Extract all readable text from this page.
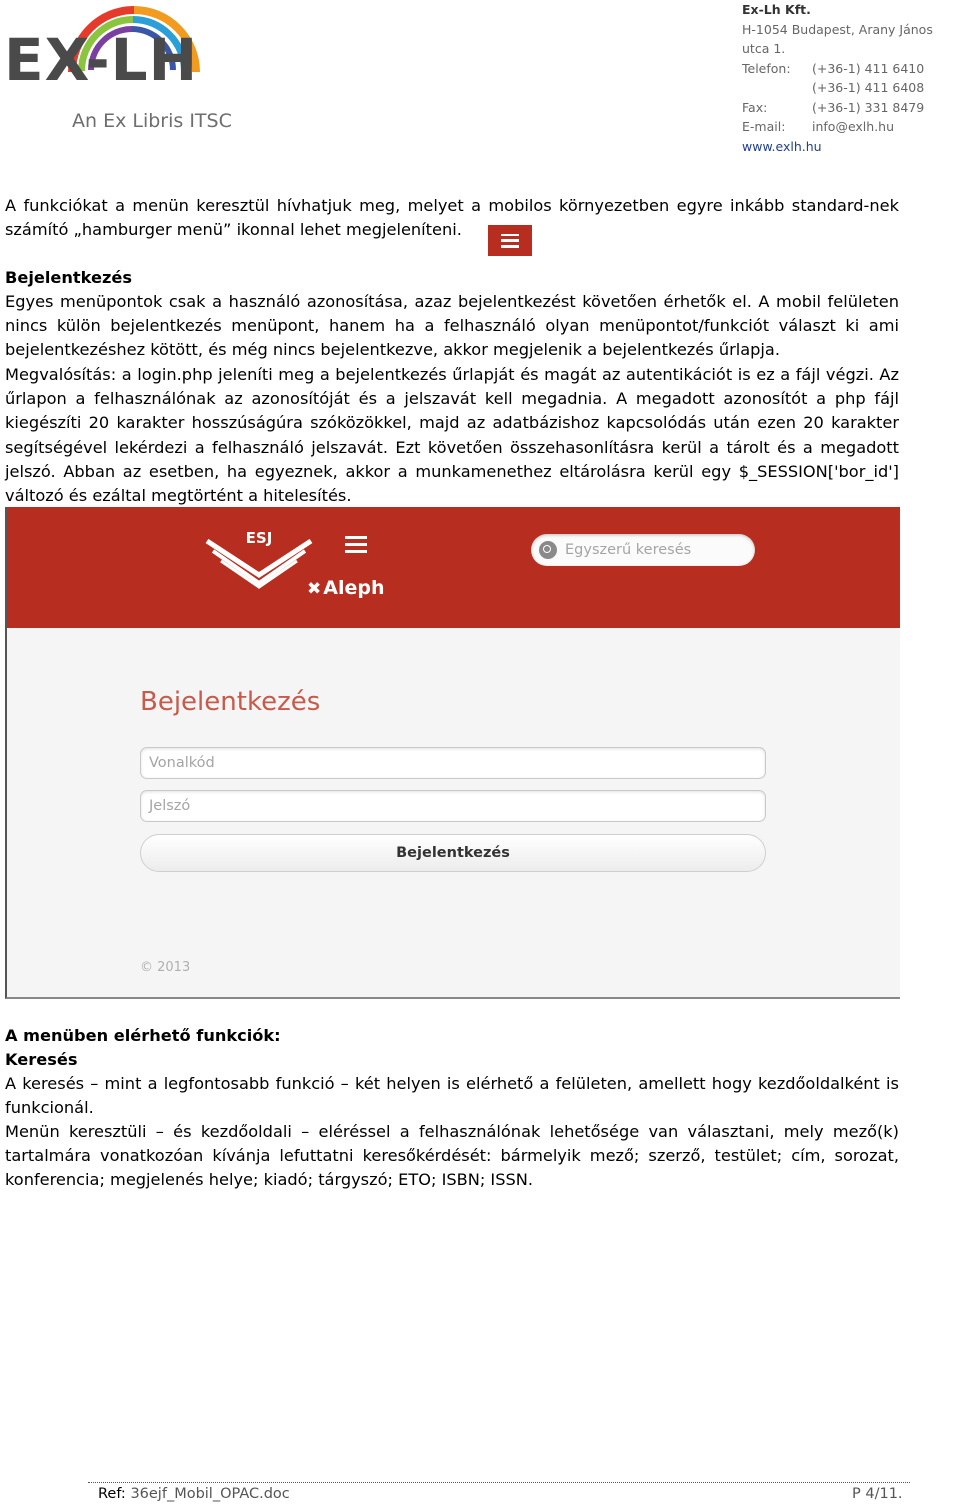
EX-LH
An Ex Libris ITSC
Ex-Lh Kft.
H-1054 Budapest, Arany János utca 1.
Telefon:	(+36-1) 411 6410
(+36-1) 411 6408
Fax:	(+36-1) 331 8479
E-mail:	info@exlh.hu
www.exlh.hu
A funkciókat a menün keresztül hívhatjuk meg, melyet a mobilos környezetben egyre inkább standard-nek számító „hamburger menü” ikonnal lehet megjeleníteni.
Bejelentkezés
Egyes menüpontok csak a használó azonosítása, azaz bejelentkezést követően érhetők el. A mobil felületen nincs külön bejelentkezés menüpont, hanem ha a felhasználó olyan menüpontot/funkciót választ ki ami bejelentkezéshez kötött, és még nincs bejelentkezve, akkor megjelenik a bejelentkezés űrlapja.
Megvalósítás: a login.php jeleníti meg a bejelentkezés űrlapját és magát az autentikációt is ez a fájl végzi. Az űrlapon a felhasználónak az azonosítóját és a jelszavát kell megadnia. A megadott azonosítót a php fájl kiegészíti 20 karakter hosszúságúra szóközökkel, majd az adatbázishoz kapcsolódás után ezen 20 karakter segítségével lekérdezi a felhasználó jelszavát. Ezt követően összehasonlításra kerül a tárolt és a megadott jelszó. Abban az esetben, ha egyeznek, akkor a munkamenethez eltárolásra kerül egy $_SESSION['bor_id'] változó és ezáltal megtörtént a hitelesítés.
ESJ
✖ Aleph
Egyszerű keresés
Bejelentkezés
Vonalkód
Jelszó
Bejelentkezés
© 2013
A menüben elérhető funkciók:
Keresés
A keresés – mint a legfontosabb funkció – két helyen is elérhető a felületen, amellett hogy kezdőoldalként is funkcionál.
Menün keresztüli – és kezdőoldali – eléréssel a felhasználónak lehetősége van választani, mely mező(k) tartalmára vonatkozóan kívánja lefuttatni keresőkérdését: bármelyik mező; szerző, testület; cím, sorozat, konferencia; megjelenés helye; kiadó; tárgyszó; ETO; ISBN; ISSN.
Ref: 36ejf_Mobil_OPAC.doc	P 4/11.
